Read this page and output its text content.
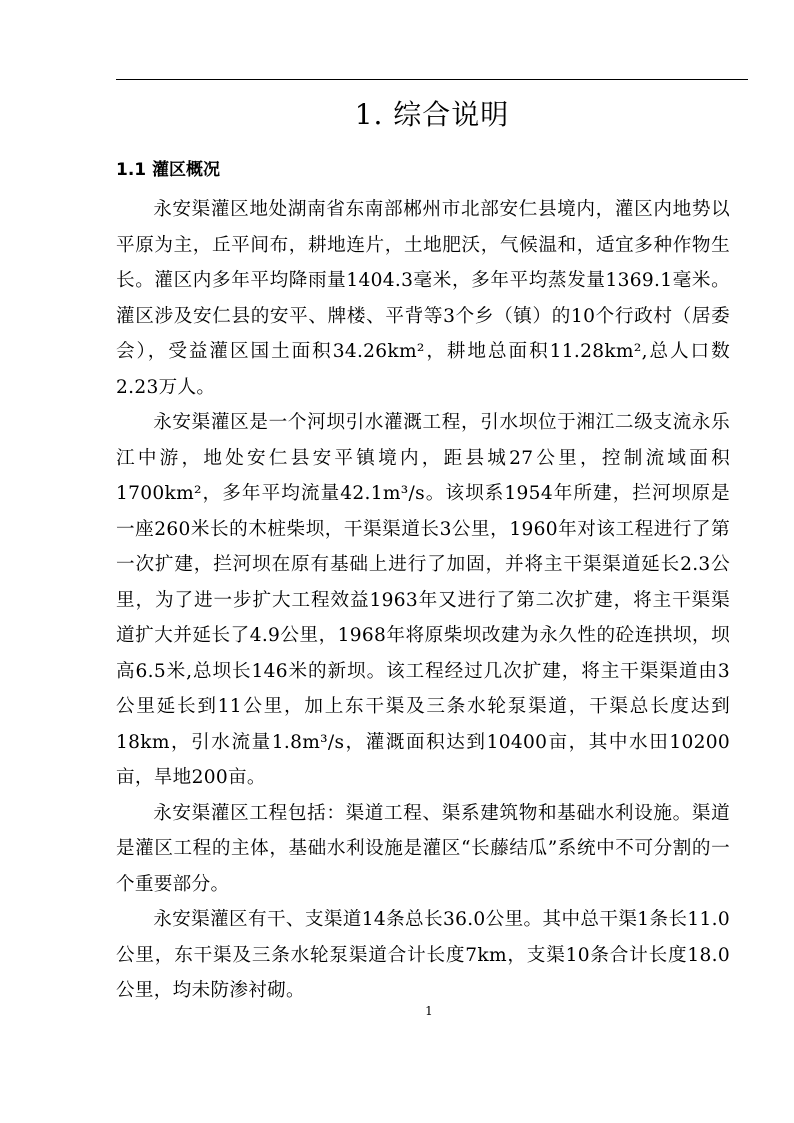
1. 综合说明
1.1 灌区概况

永安渠灌区地处湖南省东南部郴州市北部安仁县境内，灌区内地势以平原为主，丘平间布，耕地连片，土地肥沃，气候温和，适宜多种作物生长。灌区内多年平均降雨量1404.3毫米，多年平均蒸发量1369.1毫米。灌区涉及安仁县的安平、牌楼、平背等3个乡（镇）的10个行政村（居委会），受益灌区国土面积34.26km²，耕地总面积11.28km²,总人口数2.23万人。

永安渠灌区是一个河坝引水灌溉工程，引水坝位于湘江二级支流永乐江中游，地处安仁县安平镇境内，距县城27公里，控制流域面积1700km²，多年平均流量42.1m³/s。该坝系1954年所建，拦河坝原是一座260米长的木桩柴坝，干渠渠道长3公里，1960年对该工程进行了第一次扩建，拦河坝在原有基础上进行了加固，并将主干渠渠道延长2.3公里，为了进一步扩大工程效益1963年又进行了第二次扩建，将主干渠渠道扩大并延长了4.9公里，1968年将原柴坝改建为永久性的砼连拱坝，坝高6.5米,总坝长146米的新坝。该工程经过几次扩建，将主干渠渠道由3公里延长到11公里，加上东干渠及三条水轮泵渠道，干渠总长度达到18km，引水流量1.8m³/s，灌溉面积达到10400亩，其中水田10200亩，旱地200亩。

永安渠灌区工程包括：渠道工程、渠系建筑物和基础水利设施。渠道是灌区工程的主体，基础水利设施是灌区“长藤结瓜”系统中不可分割的一个重要部分。

永安渠灌区有干、支渠道14条总长36.0公里。其中总干渠1条长11.0公里，东干渠及三条水轮泵渠道合计长度7km，支渠10条合计长度18.0公里，均未防渗衬砌。

1
